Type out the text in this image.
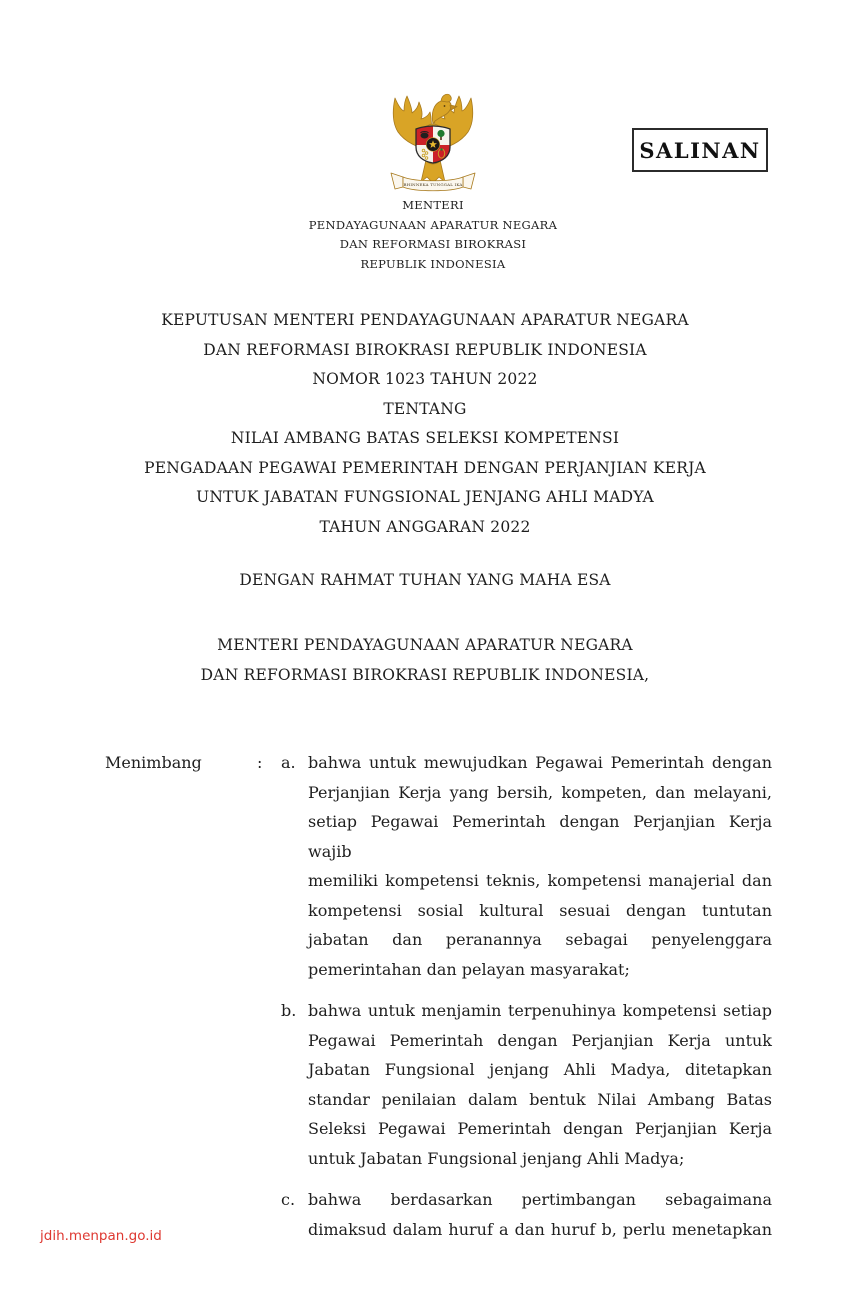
BHINNEKA TUNGGAL IKA
SALINAN
MENTERI
PENDAYAGUNAAN APARATUR NEGARA
DAN REFORMASI BIROKRASI
REPUBLIK INDONESIA
KEPUTUSAN MENTERI PENDAYAGUNAAN APARATUR NEGARA
DAN REFORMASI BIROKRASI REPUBLIK INDONESIA
NOMOR 1023 TAHUN 2022
TENTANG
NILAI AMBANG BATAS SELEKSI KOMPETENSI
PENGADAAN PEGAWAI PEMERINTAH DENGAN PERJANJIAN KERJA
UNTUK JABATAN FUNGSIONAL JENJANG AHLI MADYA
TAHUN ANGGARAN 2022
DENGAN RAHMAT TUHAN YANG MAHA ESA
MENTERI PENDAYAGUNAAN APARATUR NEGARA
DAN REFORMASI BIROKRASI REPUBLIK INDONESIA,
Menimbang	:	a. bahwa untuk mewujudkan Pegawai Pemerintah dengan
Perjanjian Kerja yang bersih, kompeten, dan melayani,
setiap Pegawai Pemerintah dengan Perjanjian Kerja wajib
memiliki kompetensi teknis, kompetensi manajerial dan
kompetensi sosial kultural sesuai dengan tuntutan
jabatan dan peranannya sebagai penyelenggara
pemerintahan dan pelayan masyarakat;
b. bahwa untuk menjamin terpenuhinya kompetensi setiap
Pegawai Pemerintah dengan Perjanjian Kerja untuk
Jabatan Fungsional jenjang Ahli Madya, ditetapkan
standar penilaian dalam bentuk Nilai Ambang Batas
Seleksi Pegawai Pemerintah dengan Perjanjian Kerja
untuk Jabatan Fungsional jenjang Ahli Madya;
c. bahwa berdasarkan pertimbangan sebagaimana
dimaksud dalam huruf a dan huruf b, perlu menetapkan
jdih.menpan.go.id
